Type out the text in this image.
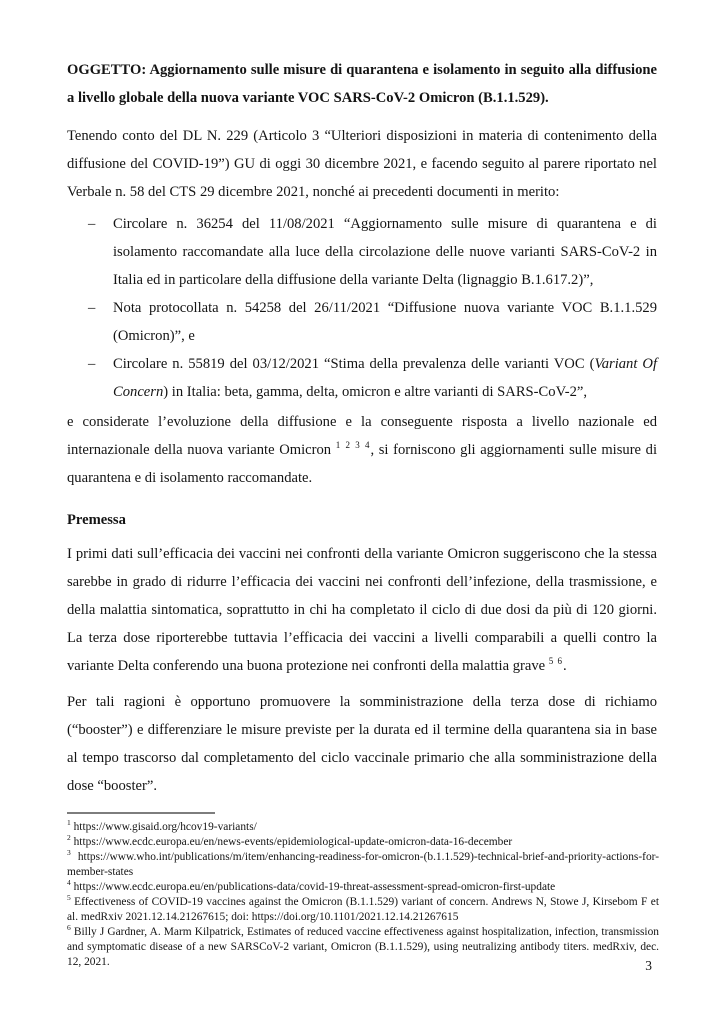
OGGETTO: Aggiornamento sulle misure di quarantena e isolamento in seguito alla diffusione a livello globale della nuova variante VOC SARS-CoV-2 Omicron (B.1.1.529).

Tenendo conto del DL N. 229 (Articolo 3 “Ulteriori disposizioni in materia di contenimento della diffusione del COVID-19”) GU di oggi 30 dicembre 2021, e facendo seguito al parere riportato nel Verbale n. 58 del CTS 29 dicembre 2021, nonché ai precedenti documenti in merito:

– Circolare n. 36254 del 11/08/2021 “Aggiornamento sulle misure di quarantena e di isolamento raccomandate alla luce della circolazione delle nuove varianti SARS-CoV-2 in Italia ed in particolare della diffusione della variante Delta (lignaggio B.1.617.2)”,
– Nota protocollata n. 54258 del 26/11/2021 “Diffusione nuova variante VOC B.1.1.529 (Omicron)”, e
– Circolare n. 55819 del 03/12/2021 “Stima della prevalenza delle varianti VOC (Variant Of Concern) in Italia: beta, gamma, delta, omicron e altre varianti di SARS-CoV-2”,

e considerate l’evoluzione della diffusione e la conseguente risposta a livello nazionale ed internazionale della nuova variante Omicron $^{1 2 3 4}$, si forniscono gli aggiornamenti sulle misure di quarantena e di isolamento raccomandate.

Premessa

I primi dati sull’efficacia dei vaccini nei confronti della variante Omicron suggeriscono che la stessa sarebbe in grado di ridurre l’efficacia dei vaccini nei confronti dell’infezione, della trasmissione, e della malattia sintomatica, soprattutto in chi ha completato il ciclo di due dosi da più di 120 giorni. La terza dose riporterebbe tuttavia l’efficacia dei vaccini a livelli comparabili a quelli contro la variante Delta conferendo una buona protezione nei confronti della malattia grave $^{5 6}$.

Per tali ragioni è opportuno promuovere la somministrazione della terza dose di richiamo (“booster”) e differenziare le misure previste per la durata ed il termine della quarantena sia in base al tempo trascorso dal completamento del ciclo vaccinale primario che alla somministrazione della dose “booster”.

$^1$ https://www.gisaid.org/hcov19-variants/
$^2$ https://www.ecdc.europa.eu/en/news-events/epidemiological-update-omicron-data-16-december
$^3$ https://www.who.int/publications/m/item/enhancing-readiness-for-omicron-(b.1.1.529)-technical-brief-and-priority-actions-for-member-states
$^4$ https://www.ecdc.europa.eu/en/publications-data/covid-19-threat-assessment-spread-omicron-first-update
$^5$ Effectiveness of COVID-19 vaccines against the Omicron (B.1.1.529) variant of concern. Andrews N, Stowe J, Kirsebom F et al. medRxiv 2021.12.14.21267615; doi: https://doi.org/10.1101/2021.12.14.21267615
$^6$ Billy J Gardner, A. Marm Kilpatrick, Estimates of reduced vaccine effectiveness against hospitalization, infection, transmission and symptomatic disease of a new SARSCoV-2 variant, Omicron (B.1.1.529), using neutralizing antibody titers. medRxiv, dec. 12, 2021.	3
